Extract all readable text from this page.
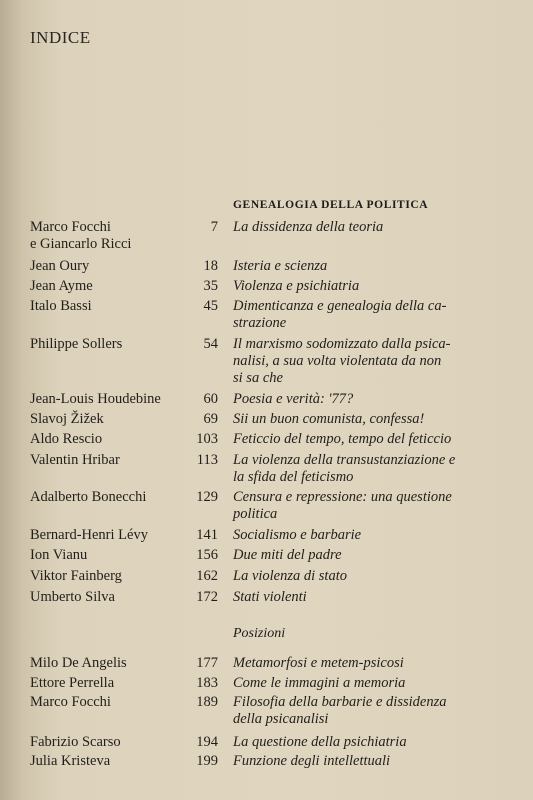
INDICE
GENEALOGIA DELLA POLITICA
Marco Focchi
e Giancarlo Ricci
7 La dissidenza della teoria
Jean Oury	18 Isteria e scienza
Jean Ayme	35 Violenza e psichiatria
Italo Bassi	45 Dimenticanza e genealogia della ca-
strazione
Philippe Sollers	54 Il marxismo sodomizzato dalla psica-
nalisi, a sua volta violentata da non
si sa che
Jean-Louis Houdebine	60 Poesia e verità: '77?
Slavoj Žižek	69 Sii un buon comunista, confessa!
Aldo Rescio	103 Feticcio del tempo, tempo del feticcio
Valentin Hribar	113 La violenza della transustanziazione e
la sfida del feticismo
Adalberto Bonecchi	129 Censura e repressione: una questione
politica
Bernard-Henri Lévy	141 Socialismo e barbarie
Ion Vianu	156 Due miti del padre
Viktor Fainberg	162 La violenza di stato
Umberto Silva	172 Stati violenti
Posizioni
Milo De Angelis	177 Metamorfosi e metem-psicosi
Ettore Perrella	183 Come le immagini a memoria
Marco Focchi	189 Filosofia della barbarie e dissidenza
della psicanalisi
Fabrizio Scarso	194 La questione della psichiatria
Julia Kristeva	199 Funzione degli intellettuali
